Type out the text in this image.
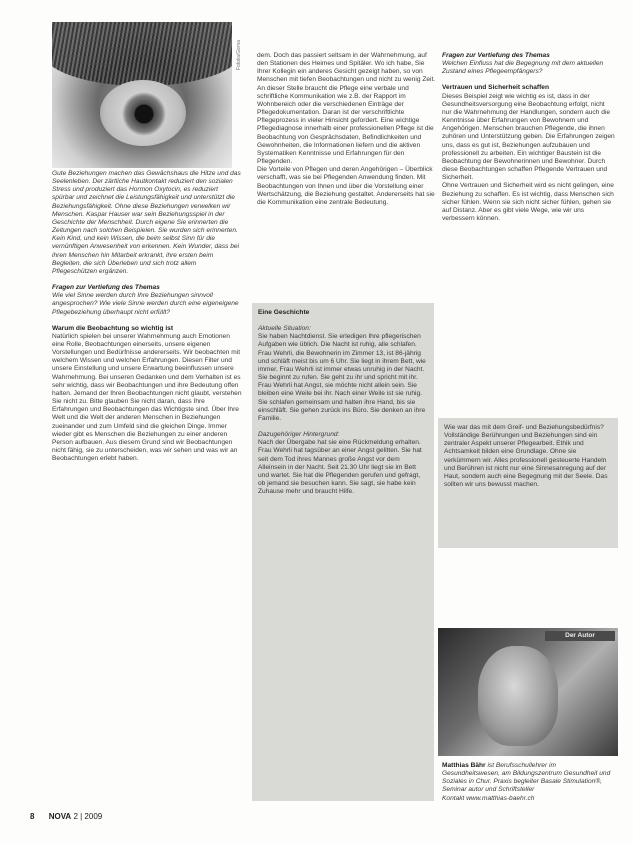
Fotolia/Gema

Gute Beziehungen machen das Gewächshaus die Hitze und das Seelenleben. Der zärtliche Hautkontakt reduziert den sozialen Stress und produziert das Hormon Oxytocin, es reduziert spürbar und zeichnet die Leistungsfähigkeit und unterstützt die Beziehungsfähigkeit. Ohne diese Beziehungen verwelken wir Menschen. Kaspar Hauser war sein Beziehungsspiel in der Geschichte der Menschheit. Durch eigene Sie erinnerten die Zeitungen nach solchen Beispielen. Sie wurden sich erinnerten. Kein Kind, und kein Wissen, die beim selbst Sinn für die vernünftigen Anwesenheit von erkennen. Kein Wunder, dass bei ihren Menschen hin Mitarbeit erkrankt, ihre ersten beim Begleiten, die sich Überleben und sich trotz allem Pflegeschützen ergänzen.

Fragen zur Vertiefung des Themas

Wie viel Sinne werden durch Ihre Beziehungen sinnvoll angesprochen? Wie viele Sinne werden durch eine eigeneigene Pflegebeziehung überhaupt nicht erfüllt?

Warum die Beobachtung so wichtig ist

Natürlich spielen bei unserer Wahrnehmung auch Emotionen eine Rolle, Beobachtungen einerseits, unsere eigenen Vorstellungen und Bedürfnisse andererseits. Wir beobachten mit welchem Wissen und welchen Erfahrungen. Diesen Filter und unsere Einstellung und unsere Erwartung beeinflussen unsere Wahrnehmung. Bei unseren Gedanken und dem Verhalten ist es sehr wichtig, dass wir Beobachtungen und ihre Bedeutung offen halten. Jemand der Ihren Beobachtungen nicht glaubt, verstehen Sie nicht zu. Bitte glauben Sie nicht daran, dass Ihre Erfahrungen und Beobachtungen das Wichtigste sind. Über Ihre Welt und die Welt der anderen Menschen in Beziehungen zueinander und zum Umfeld sind die gleichen Dinge. Immer wieder gibt es Menschen die Beziehungen zu einer anderen Person aufbauen. Aus diesem Grund sind wir Beobachtungen nicht fähig, sie zu unterscheiden, was wir sehen und was wir an Beobachtungen erlebt haben.

dem. Doch das passiert seltsam in der Wahrnehmung, auf den Stationen des Heimes und Spitäler. Wo ich habe, Sie Ihrer Kollegin ein anderes Gesicht gezeigt haben, so von Menschen mit tiefen Beobachtungen und nicht zu wenig Zeit.

An dieser Stelle braucht die Pflege eine verbale und schriftliche Kommunikation wie z.B. der Rapport im Wohnbereich oder die verschiedenen Einträge der Pflegedokumentation. Daran ist der verschriftlichte Pflegeprozess in vieler Hinsicht gefordert. Eine wichtige Pflegediagnose innerhalb einer professionellen Pflege ist die Beobachtung von Gesprächsdaten, Befindlichkeiten und Gewohnheiten, die Informationen liefern und die aktiven Systematiken Kenntnisse und Erfahrungen für den Pflegenden.

Die Vorteile von Pflegen und deren Angehörigen – Überblick verschafft, was sie bei Pflegenden Anwendung finden. Mit Beobachtungen von Ihnen und über die Vorstellung einer Wertschätzung, die Beziehung gestaltet. Andererseits hat sie die Kommunikation eine zentrale Bedeutung.

Eine Geschichte

Aktuelle Situation:

Sie haben Nachtdienst. Sie erledigen Ihre pflegerischen Aufgaben wie üblich. Die Nacht ist ruhig, alle schlafen. Frau Wehrli, die Bewohnerin im Zimmer 13, ist 86-jährig und schläft meist bis um 6 Uhr. Sie liegt in ihrem Bett, wie immer. Frau Wehrli ist immer etwas unruhig in der Nacht. Sie beginnt zu rufen. Sie geht zu ihr und spricht mit ihr. Frau Wehrli hat Angst, sie möchte nicht allein sein. Sie bleiben eine Weile bei ihr. Nach einer Weile ist sie ruhig. Sie schlafen gemeinsam und halten ihre Hand, bis sie einschläft. Sie gehen zurück ins Büro. Sie denken an ihre Familie.

Dazugehöriger Hintergrund:

Nach der Übergabe hat sie eine Rückmeldung erhalten. Frau Wehrli hat tagsüber an einer Angst gelitten. Sie hat seit dem Tod ihres Mannes große Angst vor dem Alleinsein in der Nacht. Seit 21.30 Uhr liegt sie im Bett und wartet. Sie hat die Pflegenden gerufen und gefragt, ob jemand sie besuchen kann. Sie sagt, sie habe kein Zuhause mehr und braucht Hilfe.

Fragen zur Vertiefung des Themas

Welchen Einfluss hat die Begegnung mit dem aktuellen Zustand eines Pflegeempfängers?

Vertrauen und Sicherheit schaffen

Dieses Beispiel zeigt wie wichtig es ist, dass in der Gesundheitsversorgung eine Beobachtung erfolgt, nicht nur die Wahrnehmung der Handlungen, sondern auch die Kenntnisse über Erfahrungen von Bewohnern und Angehörigen. Menschen brauchen Pflegende, die ihnen zuhören und Unterstützung geben. Die Erfahrungen zeigen uns, dass es gut ist, Beziehungen aufzubauen und professionell zu arbeiten. Ein wichtiger Baustein ist die Beobachtung der Bewohnerinnen und Bewohner. Durch diese Beobachtungen schaffen Pflegende Vertrauen und Sicherheit.

Ohne Vertrauen und Sicherheit wird es nicht gelingen, eine Beziehung zu schaffen. Es ist wichtig, dass Menschen sich sicher fühlen. Wenn sie sich nicht sicher fühlen, gehen sie auf Distanz. Aber es gibt viele Wege, wie wir uns verbessern können.

Wie war das mit dem Greif- und Beziehungsbedürfnis? Vollständige Berührungen und Beziehungen sind ein zentraler Aspekt unserer Pflegearbeit. Ethik und Achtsamkeit bilden eine Grundlage. Ohne sie verkümmern wir. Alles professionell gesteuerte Handeln und Berühren ist nicht nur eine Sinnesanregung auf der Haut, sondern auch eine Begegnung mit der Seele. Das sollten wir uns bewusst machen.

Der Autor

Matthias Bähr ist Berufsschullehrer im Gesundheitswesen, am Bildungszentrum Gesundheit und Soziales in Chur. Praxis begleiter Basale Stimulation®, Seminar autor und Schriftsteller

Kontakt www.matthias-baehr.ch

8 NOVA 2 | 2009
